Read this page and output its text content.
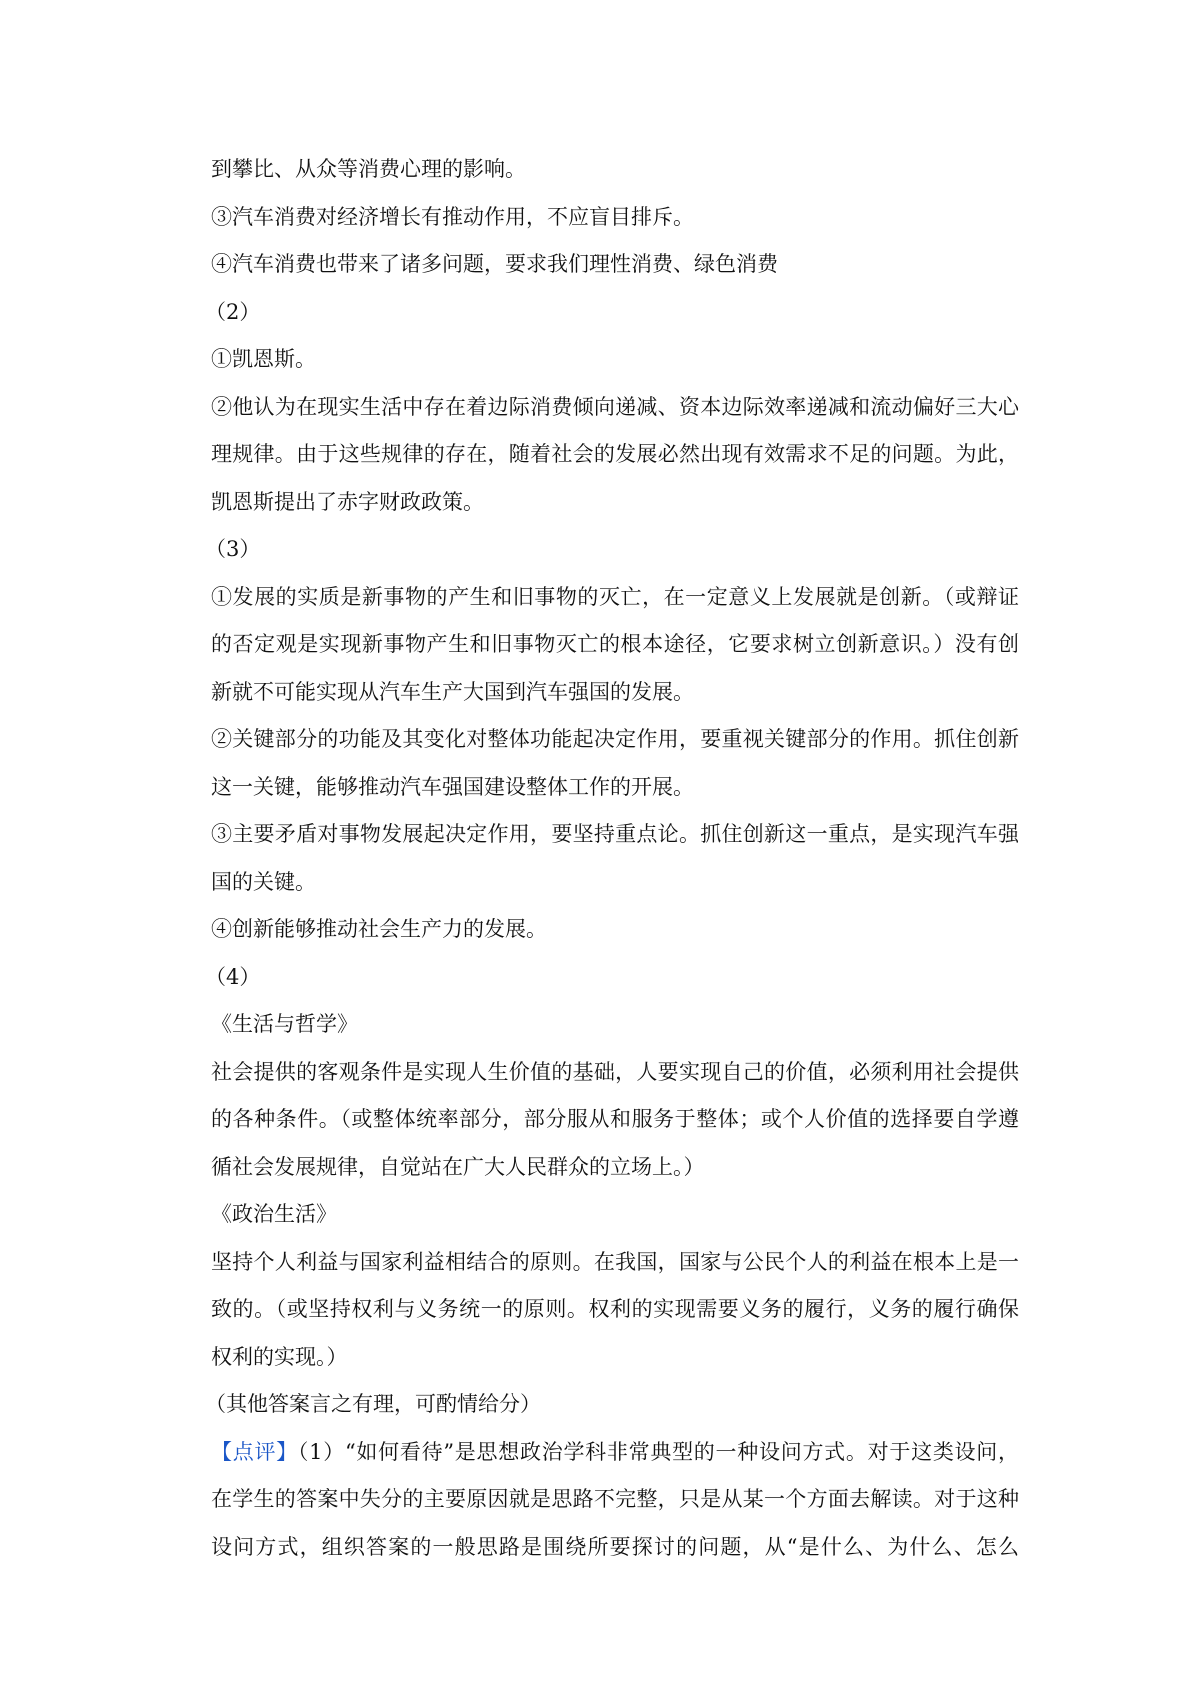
到攀比、从众等消费心理的影响。
③汽车消费对经济增长有推动作用，不应盲目排斥。
④汽车消费也带来了诸多问题，要求我们理性消费、绿色消费
（2）
①凯恩斯。
②他认为在现实生活中存在着边际消费倾向递减、资本边际效率递减和流动偏好三大心
理规律。由于这些规律的存在，随着社会的发展必然出现有效需求不足的问题。为此，
凯恩斯提出了赤字财政政策。
（3）
①发展的实质是新事物的产生和旧事物的灭亡，在一定意义上发展就是创新。（或辩证
的否定观是实现新事物产生和旧事物灭亡的根本途径，它要求树立创新意识。）没有创
新就不可能实现从汽车生产大国到汽车强国的发展。
②关键部分的功能及其变化对整体功能起决定作用，要重视关键部分的作用。抓住创新
这一关键，能够推动汽车强国建设整体工作的开展。
③主要矛盾对事物发展起决定作用，要坚持重点论。抓住创新这一重点，是实现汽车强
国的关键。
④创新能够推动社会生产力的发展。
（4）
《生活与哲学》
社会提供的客观条件是实现人生价值的基础，人要实现自己的价值，必须利用社会提供
的各种条件。（或整体统率部分，部分服从和服务于整体；或个人价值的选择要自学遵
循社会发展规律，自觉站在广大人民群众的立场上。）
《政治生活》
坚持个人利益与国家利益相结合的原则。在我国，国家与公民个人的利益在根本上是一
致的。（或坚持权利与义务统一的原则。权利的实现需要义务的履行，义务的履行确保
权利的实现。）
（其他答案言之有理，可酌情给分）
【点评】（1）“如何看待”是思想政治学科非常典型的一种设问方式。对于这类设问，
在学生的答案中失分的主要原因就是思路不完整，只是从某一个方面去解读。对于这种
设问方式，组织答案的一般思路是围绕所要探讨的问题，从“是什么、为什么、怎么
